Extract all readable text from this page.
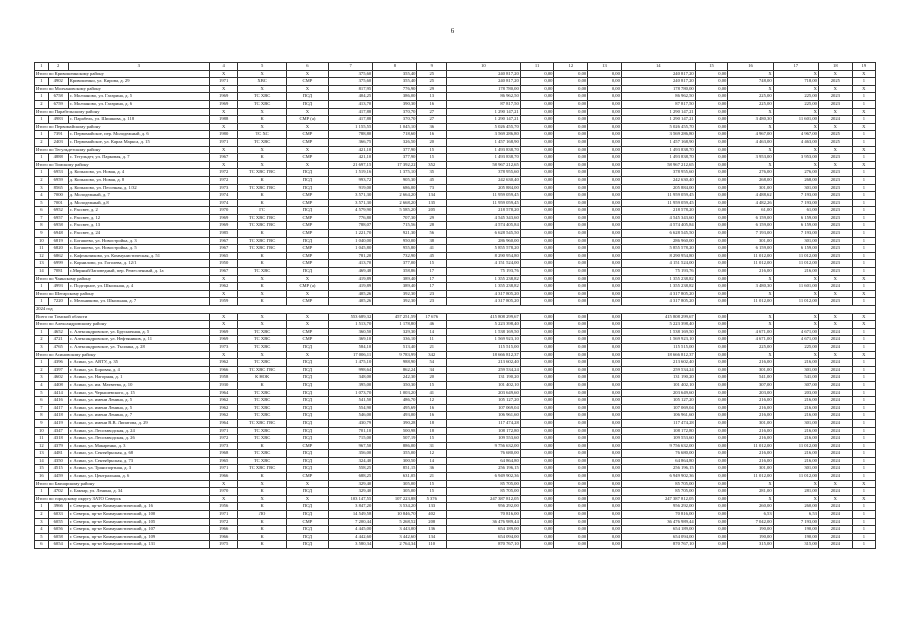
6
1	2	3	4	5	6	7	8	9	10	11	12	13	14	15	16	17	18	19
Итого по Кривошеинскому району			Х	Х	Х	375,60	355,40	25	240 817,20	0,00	0,00	0,00	240 817,20	0,00	Х	Х	Х	Х
1	4902	Кривошеино, ул. Кирова, д. 29	1971	ХВС	СМР	375,60	355,40	25	240 817,20	0,00	0,00	0,00	240 817,20	0,00	748,00	718,00	2025	1
Итого по Молчановскому району			Х	Х	Х	817,95	776,90	29	178 780,00	0,00	0,00	0,00	178 780,00	0,00	Х	Х	Х	Х
1	6758	с. Молчаново, ул. Гагарина, д. 5	1969	ТС ХВС	ПСД	404,25	386,00	13	86 962,50	0,00	0,00	0,00	86 962,50	0,00	225,00	225,00	2023	1
2	6759	с. Молчаново, ул. Гагарина, д. 6	1969	ТС ХВС	ПСД	413,70	390,30	16	87 817,50	0,00	0,00	0,00	87 817,50	0,00	225,00	225,00	2023	1
Итого по Парабельскому району			Х	Х	Х	417,88	370,70	27	1 290 147,21	0,00	0,00	0,00	1 290 147,21	0,00	Х	Х	Х	Х
1	4983	с. Парабель, ул. Шишкова, д. 118	1988	К	СМР (а)	417,88	370,70	27	1 290 147,21	0,00	0,00	0,00	1 290 147,21	0,00	3 480,30	11 601,00	2024	1
Итого по Первомайскому району			Х	Х	Х	1 155,55	1 045,10	36	5 026 455,70	0,00	0,00	0,00	5 026 455,70	0,00	Х	Х	Х	Х
1	7391	с. Первомайское, пер. Молодежный, д. 6	1980	ТС ХС	СМР	788,80	718,60	16	3 569 286,80	0,00	0,00	0,00	3 569 286,80	0,00	4 967,00	4 967,00	2025	1
2	2403	с. Первомайское, ул. Карла Маркса, д. 15	1971	ТС ХВС	СМР	366,75	326,50	20	1 457 168,90	0,00	0,00	0,00	1 457 168,90	0,00	4 463,00	4 463,00	2025	1
Итого по Тегульдетскому району			Х	Х	Х	421,10	377,90	15	1 493 838,70	0,00	0,00	0,00	1 493 838,70	0,00	Х	Х	Х	Х
1	4888	с. Тегульдет, ул. Парковая, д. 7	1967	К	СМР	421,10	377,90	15	1 493 838,70	0,00	0,00	0,00	1 493 838,70	0,00	3 953,00	3 953,00	2023	1
Итого по Томскому району			Х	Х	Х	21 697,15	17 392,22	352	58 967 212,65	0,00	0,00	0,00	58 967 212,65	0,00	Х	Х	Х	Х
1	6953	д. Копылово, ул. Новая, д. 4	1972	ТС ХВС ГВС	ПСД	1 519,16	1 375,10	35	378 955,60	0,00	0,00	0,00	378 955,60	0,00	276,00	276,00	2023	1
2	6959	д. Копылово, ул. Новая, д. 8	1972	К	ПСД	993,72	905,30	45	242 630,40	0,00	0,00	0,00	242 630,40	0,00	268,00	268,00	2023	1
3	8565	д. Копылово, ул. Песочная, д. 1/32	1973	ТС ХВС ГВС	ПСД	919,00	686,00	73	205 884,00	0,00	0,00	0,00	205 884,00	0,00	301,00	301,00	2023	1
4	7000	д. Молодежный, д. 7	1974	К	СМР	3 571,30	2 664,20	134	11 959 059,45	0,00	0,00	0,00	11 959 059,45	0,00	4 488,62	7 193,00	2023	1
5	7001	д. Молодежный, д.8	1974	К	СМР	3 571,30	2 668,20	135	11 959 059,45	0,00	0,00	0,00	11 959 059,45	0,00	4 482,26	7 193,00	2023	1
6	6952	с. Рассвет, д. 2	1970	ГС	ПСД	4 579,90	5 585,20	205	218 578,20	0,00	0,00	0,00	218 578,20	0,00	61,00	61,00	2023	1
7	6957	с. Рассвет, д. 12	1969	ТС ХВС ГВС	СМР	776,80	707,30	29	4 545 343,60	0,00	0,00	0,00	4 545 343,60	0,00	6 159,00	6 159,00	2023	1
8	6958	с. Рассвет, д. 13	1969	ТС ХВС ГВС	СМР	788,07	715,56	28	4 574 405,84	0,00	0,00	0,00	4 574 405,84	0,00	6 159,00	6 159,00	2023	1
9	6948	с. Рассвет, д. 24	1985	К	СМР	1 221,70	921,30	56	6 628 545,50	0,00	0,00	0,00	6 628 545,50	0,00	7 193,00	7 193,00	2023	1
10	6819	с. Богашево, ул. Новостройка, д. 3	1967	ТС ХВС ГВС	ПСД	1 040,00	950,00	38	286 960,00	0,00	0,00	0,00	286 960,00	0,00	301,00	301,00	2023	1
11	6820	с. Богашево, ул. Новостройка, д. 5	1967	ТС ХВС ГВС	СМР	1 045,80	955,80	41	5 855 578,20	0,00	0,00	0,00	5 855 578,20	0,00	6 159,00	6 159,00	2023	1
12	6862	с. Кафтанчиково, ул. Коммунистическая, д. 51	1965	К	СМР	781,20	732,90	45	8 290 954,80	0,00	0,00	0,00	8 290 954,80	0,00	11 012,00	11 012,00	2023	1
13	6999	с. Корнилово, ул. Гоголева, д. 12/1	1950	К	СМР	413,70	377,00	15	4 151 524,00	0,00	0,00	0,00	4 151 524,00	0,00	11 012,00	11 012,00	2023	1
14	7081	с.Мирный/Заповедный, пер. Ремесленный, д. 1а	1967	ТС ХВС	ПСД	469,48	358,86	17	75 193,76	0,00	0,00	0,00	75 193,76	0,00	216,00	216,00	2023	1
Итого по Чаинскому району			Х	Х	Х	419,89	389,40	17	1 355 238,82	0,00	0,00	0,00	1 355 238,82	0,00	Х	Х	Х	Х
1	4993	с. Подгорное, ул. Школьная, д. 4	1962	К	СМР (а)	419,89	389,40	17	1 355 238,82	0,00	0,00	0,00	1 355 238,82	0,00	3 480,30	11 601,00	2024	1
Итого по Шегарскому району			Х	Х	Х	405,26	392,30	23	4 317 805,20	0,00	0,00	0,00	4 317 805,20	0,00	Х	Х	Х	Х
1	7220	с. Мельниково, ул. Школьная, д. 7	1959	К	СМР	405,26	392,30	23	4 317 805,20	0,00	0,00	0,00	4 317 805,20	0,00	11 012,00	11 012,00	2023	1
2024 год																		
Всего по Томской области			Х	Х	Х	553 689,32	457 251,59	17 676	415 808 299,67	0,00	0,00	0,00	415 808 299,67	0,00	Х	Х	Х	Х
Итого по Александровскому району			Х	Х	Х	1 513,70	1 178,80	46	5 223 398,40	0,00	0,00	0,00	5 223 398,40	0,00	Х	Х	Х	Х
1	4652	с. Александровское, ул. Брусничная, д. 5	1969	ТС ХВС	СМР	360,50	329,30	14	1 538 169,50	0,00	0,00	0,00	1 538 169,50	0,00	4 671,00	4 671,00	2024	1
2	4721	с. Александровское, ул. Нефтяников, д. 11	1969	ТС ХВС	СМР	369,10	336,10	11	1 569 923,10	0,00	0,00	0,00	1 569 923,10	0,00	4 671,00	4 671,00	2024	1
3	4765	с. Александровское, ул. Тъсинка, д. 28	1973	ТС ХВС	ПСД	584,10	513,40	21	115 515,00	0,00	0,00	0,00	115 515,00	0,00	225,00	225,00	2024	1
Итого по Асиновскому району			Х	Х	Х	17 006,11	9 783,99	342	18 666 812,37	0,00	0,00	0,00	18 666 812,37	0,00	Х	Х	Х	Х
1	4396	г. Асино, ул. АВТУ, д. 35	1962	ТС ХВС	ПСД	1 475,10	988,90	54	213 602,40	0,00	0,00	0,00	213 602,40	0,00	216,00	216,00	2024	1
2	4397	г. Асино, ул. Боровая, д. 4	1966	ТС ХВС ГВС	ПСД	998,64	862,24	34	259 534,24	0,00	0,00	0,00	259 534,24	0,00	301,00	301,00	2024	1
3	4602	г. Асино, ул. Нагорная, д. 1	1958	К НОК	ПСД	348,00	242,30	20	131 190,20	0,00	0,00	0,00	131 190,20	0,00	541,00	541,00	2024	1
4	4408	г. Асино, ул. им. Матвеева, д. 10	1930	К	ПСД	395,00	350,30	15	101 402,10	0,00	0,00	0,00	101 402,10	0,00	307,00	307,00	2024	1
5	4414	г. Асино, ул. Черышевского, д. 15	1964	ТС ХВС	ПСД	1 073,70	1 003,20	41	203 649,60	0,00	0,00	0,00	203 649,60	0,00	203,00	203,00	2024	1
6	4416	г. Асино, ул. имени Ленина, д. 5	1962	ТС ХВС	ПСД	541,50	486,70	12	105 127,20	0,00	0,00	0,00	105 127,20	0,00	216,00	216,00	2024	1
7	4417	г. Асино, ул. имени Ленина, д. 5	1962	ТС ХВС	ПСД	554,90	495,69	16	107 069,04	0,00	0,00	0,00	107 069,04	0,00	216,00	216,00	2024	1
8	4418	г. Асино, ул. имени Ленина, д. 7	1962	ТС ХВС	ПСД	546,00	493,00	16	106 961,60	0,00	0,00	0,00	106 961,60	0,00	216,00	216,00	2024	1
9	4419	г. Асино, ул. имени В.В. Липатова, д. 29	1964	ТС ХВС ГВС	ПСД	430,79	390,28	18	117 474,28	0,00	0,00	0,00	117 474,28	0,00	301,00	301,00	2024	1
10	4347	г. Асино, ул. Лесозаводская, д. 24	1971	ТС ХВС	ПСД	701,10	500,98	18	108 172,80	0,00	0,00	0,00	108 172,80	0,00	216,00	216,00	2024	1
11	4318	г. Асино, ул. Лесозаводская, д. 26	1972	ТС ХВС	ПСД	715,00	507,19	15	109 553,60	0,00	0,00	0,00	109 553,60	0,00	216,00	216,00	2024	1
12	4379	г. Асино, ул. Макаренко, д. 3	1973	К	СМР	967,50	886,00	31	9 756 632,00	0,00	0,00	0,00	9 756 632,00	0,00	11 012,00	11 012,00	2024	1
13	4481	г. Асино, ул. Сентябрьская, д. 68	1968	ТС ХВС	ПСД	356,00	355,00	12	76 680,00	0,00	0,00	0,00	76 680,00	0,00	216,00	216,00	2024	1
14	4350	г. Асино, ул. Сентябрьская, д. 73	1965	ТС ХВС	ПСД	324,40	300,50	14	64 864,80	0,00	0,00	0,00	64 864,80	0,00	216,00	216,00	2024	1
15	4515	г. Асино, ул. Транспортная, д. 3	1971	ТС ХВС ГВС	ПСД	558,25	851,15	36	256 196,15	0,00	0,00	0,00	256 196,15	0,00	301,00	301,00	2024	1
16	4459	г. Асино, ул. Центральная, д. 6	1966	К	СМР	688,25	631,05	21	6 949 902,36	0,00	0,00	0,00	6 949 902,36	0,00	11 012,00	11 012,00	2024	1
Итого по Бакчарскому району			Х	Х	Х	329,40	305,00	15	85 705,00	0,00	0,00	0,00	85 705,00	0,00	Х	Х	Х	Х
1	4702	с. Бакчар, ул. Ленина, д. 34	1970	К	ПСД	329,40	305,00	15	85 705,00	0,00	0,00	0,00	85 705,00	0,00	281,00	281,00	2024	1
Итого по городскому округу ЗАТО Северск			Х	Х	Х	103 147,55	107 223,88	5 376	247 387 812,05	0,00	0,00	0,00	247 387 812,05	0,00	Х	Х	Х	Х
1	3966	г. Северск, пр-кт Коммунистический, д. 16	1956	К	ПСД	3 847,20	3 534,20	133	956 292,00	0,00	0,00	0,00	956 292,00	0,00	260,00	260,00	2024	1
2	6033	г. Северск, пр-кт Коммунистический, д. 100	1971	ЛО	ПСД	14 549,58	10 846,70	402	70 816,00	0,00	0,00	0,00	70 816,00	0,00	6,53	6,53	2024	1
3	6055	г. Северск, пр-кт Коммунистический, д. 105	1972	К	СМР	7 200,44	5 268,52	208	36 476 989,44	0,00	0,00	0,00	36 476 989,44	0,00	7 042,00	7 193,00	2024	1
4	6056	г. Северск, пр-кт Коммунистический, д. 107	1966	К	ПСД	4 445,00	3 443,00	136	654 189,00	0,00	0,00	0,00	654 189,00	0,00	190,00	190,00	2024	1
5	6058	г. Северск, пр-кт Коммунистический, д. 109	1966	К	ПСД	4 442,60	3 442,60	134	654 094,00	0,00	0,00	0,00	654 094,00	0,00	190,00	190,00	2024	1
6	6054	г. Северск, пр-кт Коммунистический, д. 131	1975	К	ПСД	3 580,34	2 764,34	110	870 767,10	0,00	0,00	0,00	870 767,10	0,00	315,00	315,00	2024	1
